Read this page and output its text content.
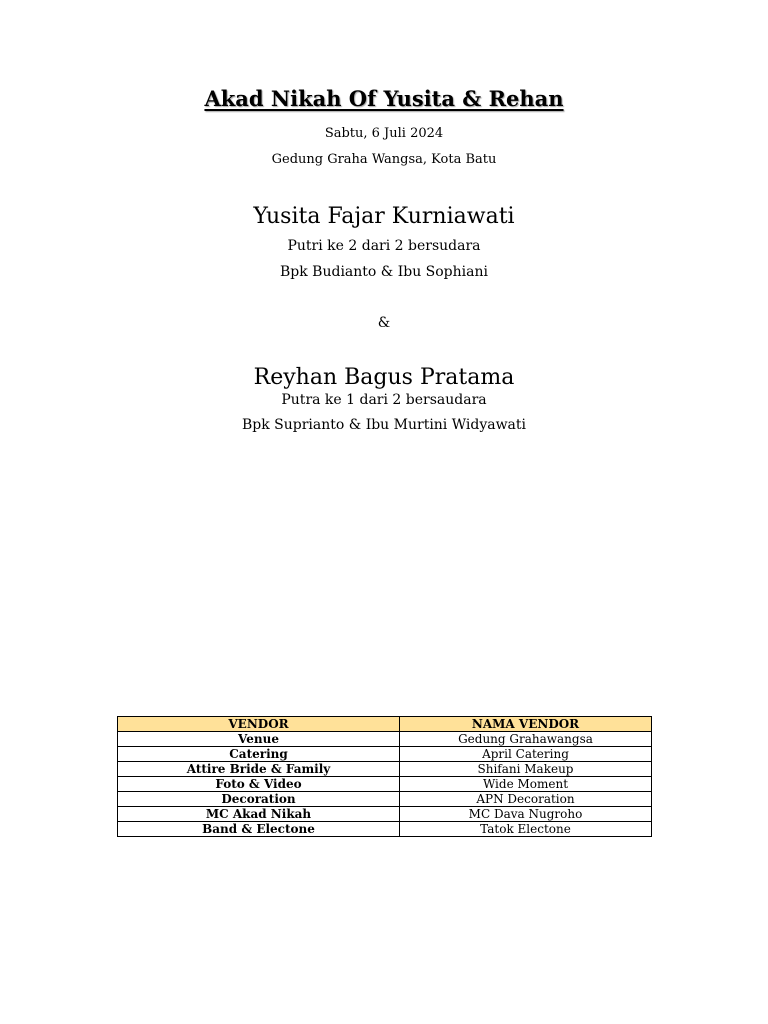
Akad Nikah Of Yusita & Rehan
Sabtu, 6 Juli 2024
Gedung Graha Wangsa, Kota Batu
Yusita Fajar Kurniawati
Putri ke 2 dari 2 bersudara
Bpk Budianto & Ibu Sophiani
&
Reyhan Bagus Pratama
Putra ke 1 dari 2 bersaudara
Bpk Suprianto & Ibu Murtini Widyawati
VENDOR	NAMA VENDOR
Venue	Gedung Grahawangsa
Catering	April Catering
Attire Bride & Family	Shifani Makeup
Foto & Video	Wide Moment
Decoration	APN Decoration
MC Akad Nikah	MC Dava Nugroho
Band & Electone	Tatok Electone
